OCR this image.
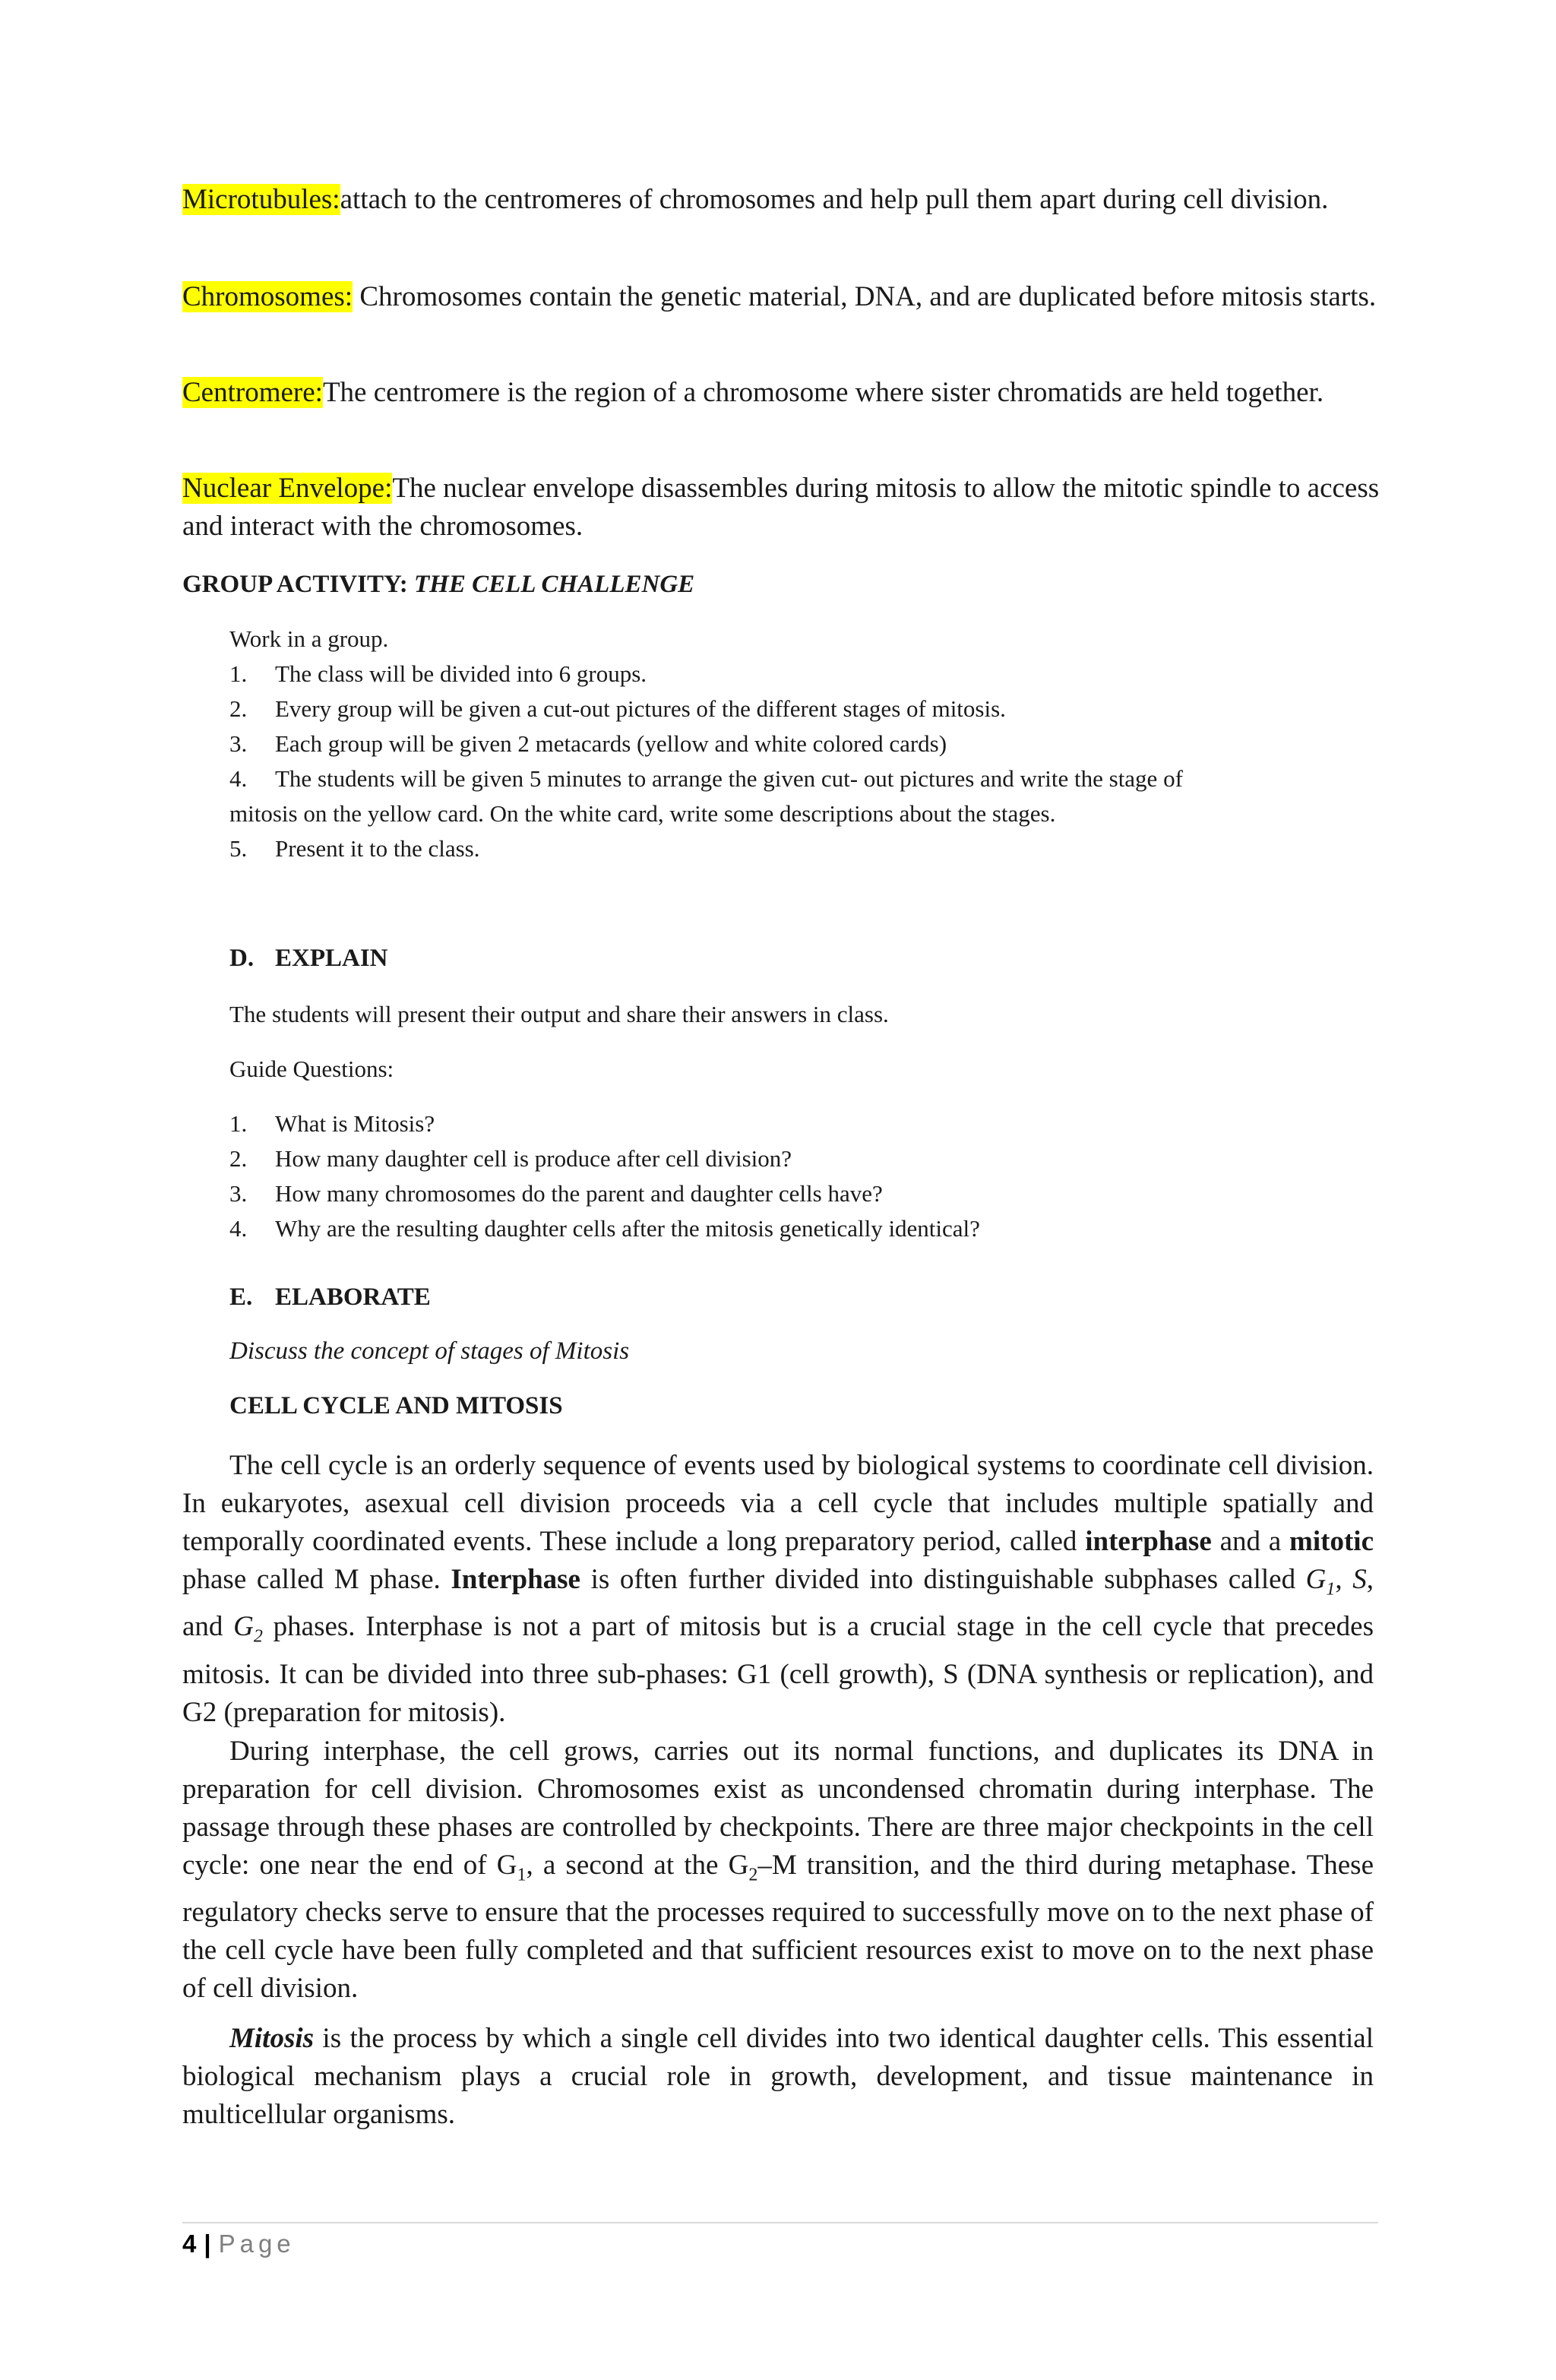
Microtubules:attach to the centromeres of chromosomes and help pull them apart during cell division.

Chromosomes: Chromosomes contain the genetic material, DNA, and are duplicated before mitosis starts.

Centromere:The centromere is the region of a chromosome where sister chromatids are held together.

Nuclear Envelope:The nuclear envelope disassembles during mitosis to allow the mitotic spindle to access and interact with the chromosomes.

GROUP ACTIVITY: THE CELL CHALLENGE

Work in a group.

1. The class will be divided into 6 groups.

2. Every group will be given a cut-out pictures of the different stages of mitosis.

3. Each group will be given 2 metacards (yellow and white colored cards)

4. The students will be given 5 minutes to arrange the given cut- out pictures and write the stage of

mitosis on the yellow card. On the white card, write some descriptions about the stages.

5. Present it to the class.

D. EXPLAIN

The students will present their output and share their answers in class.

Guide Questions:

1. What is Mitosis?

2. How many daughter cell is produce after cell division?

3. How many chromosomes do the parent and daughter cells have?

4. Why are the resulting daughter cells after the mitosis genetically identical?

E. ELABORATE

Discuss the concept of stages of Mitosis

CELL CYCLE AND MITOSIS

The cell cycle is an orderly sequence of events used by biological systems to coordinate cell division. In eukaryotes, asexual cell division proceeds via a cell cycle that includes multiple spatially and temporally coordinated events. These include a long preparatory period, called interphase and a mitotic phase called M phase. Interphase is often further divided into distinguishable subphases called $G_1$, S, and $G_2$ phases. Interphase is not a part of mitosis but is a crucial stage in the cell cycle that precedes mitosis. It can be divided into three sub-phases: G1 (cell growth), S (DNA synthesis or replication), and G2 (preparation for mitosis).

During interphase, the cell grows, carries out its normal functions, and duplicates its DNA in preparation for cell division. Chromosomes exist as uncondensed chromatin during interphase. The passage through these phases are controlled by checkpoints. There are three major checkpoints in the cell cycle: one near the end of $G_1$, a second at the $G_2-M$ transition, and the third during metaphase. These regulatory checks serve to ensure that the processes required to successfully move on to the next phase of the cell cycle have been fully completed and that sufficient resources exist to move on to the next phase of cell division.

Mitosis is the process by which a single cell divides into two identical daughter cells. This essential biological mechanism plays a crucial role in growth, development, and tissue maintenance in multicellular organisms.

4 | Page
